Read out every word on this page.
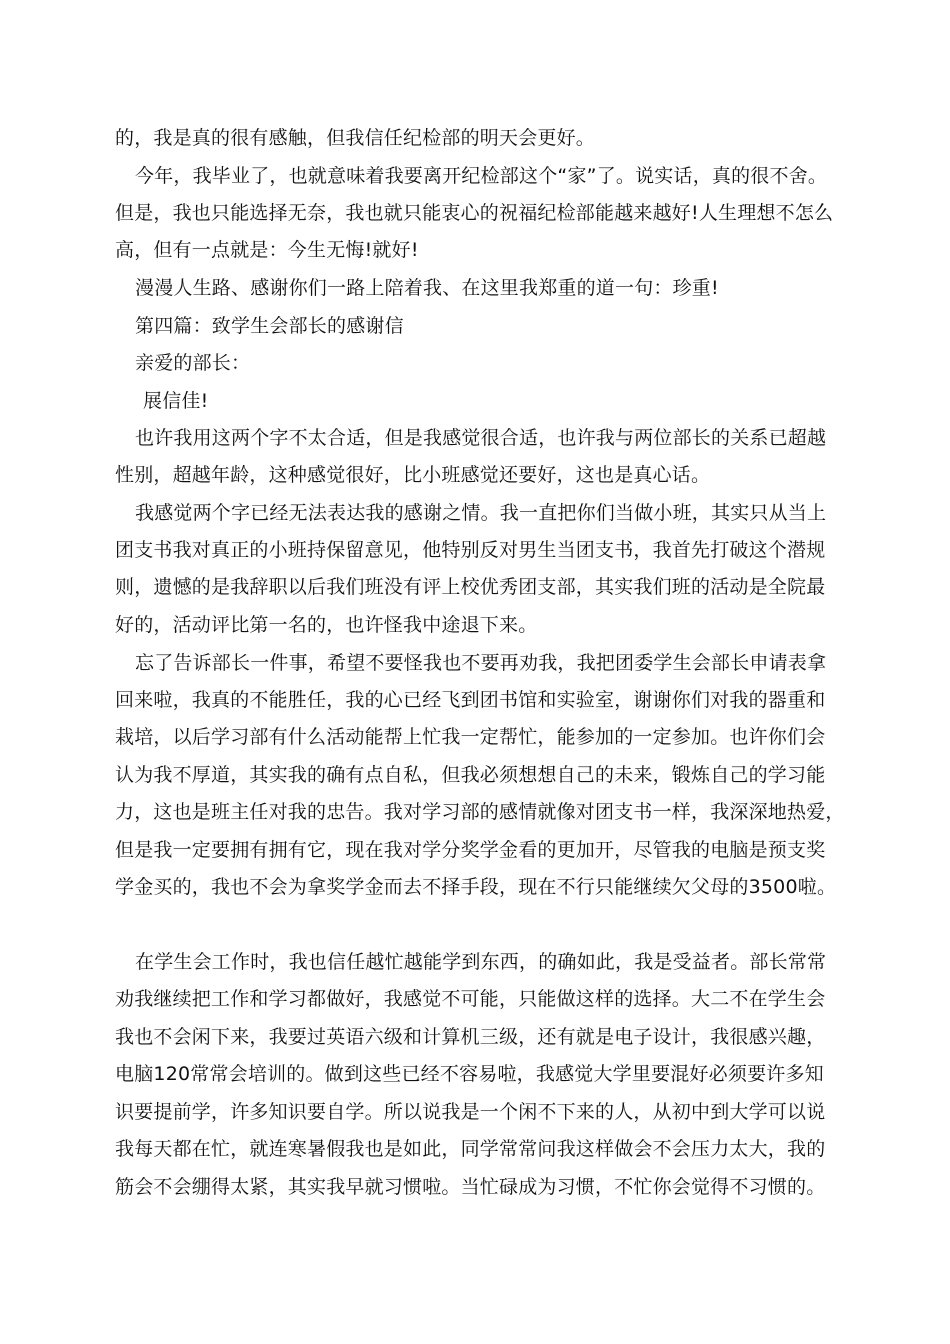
的，我是真的很有感触，但我信任纪检部的明天会更好。
今年，我毕业了，也就意味着我要离开纪检部这个“家”了。说实话，真的很不舍。
但是，我也只能选择无奈，我也就只能衷心的祝福纪检部能越来越好!人生理想不怎么
高，但有一点就是：今生无悔!就好!
漫漫人生路、感谢你们一路上陪着我、在这里我郑重的道一句：珍重!
第四篇：致学生会部长的感谢信
亲爱的部长：
展信佳!
也许我用这两个字不太合适，但是我感觉很合适，也许我与两位部长的关系已超越
性别，超越年龄，这种感觉很好，比小班感觉还要好，这也是真心话。
我感觉两个字已经无法表达我的感谢之情。我一直把你们当做小班，其实只从当上
团支书我对真正的小班持保留意见，他特别反对男生当团支书，我首先打破这个潜规
则，遗憾的是我辞职以后我们班没有评上校优秀团支部，其实我们班的活动是全院最
好的，活动评比第一名的，也许怪我中途退下来。
忘了告诉部长一件事，希望不要怪我也不要再劝我，我把团委学生会部长申请表拿
回来啦，我真的不能胜任，我的心已经飞到团书馆和实验室，谢谢你们对我的器重和
栽培，以后学习部有什么活动能帮上忙我一定帮忙，能参加的一定参加。也许你们会
认为我不厚道，其实我的确有点自私，但我必须想想自己的未来，锻炼自己的学习能
力，这也是班主任对我的忠告。我对学习部的感情就像对团支书一样，我深深地热爱，
但是我一定要拥有拥有它，现在我对学分奖学金看的更加开，尽管我的电脑是预支奖
学金买的，我也不会为拿奖学金而去不择手段，现在不行只能继续欠父母的3500啦。
在学生会工作时，我也信任越忙越能学到东西，的确如此，我是受益者。部长常常
劝我继续把工作和学习都做好，我感觉不可能，只能做这样的选择。大二不在学生会
我也不会闲下来，我要过英语六级和计算机三级，还有就是电子设计，我很感兴趣，
电脑120常常会培训的。做到这些已经不容易啦，我感觉大学里要混好必须要许多知
识要提前学，许多知识要自学。所以说我是一个闲不下来的人，从初中到大学可以说
我每天都在忙，就连寒暑假我也是如此，同学常常问我这样做会不会压力太大，我的
筋会不会绷得太紧，其实我早就习惯啦。当忙碌成为习惯，不忙你会觉得不习惯的。
